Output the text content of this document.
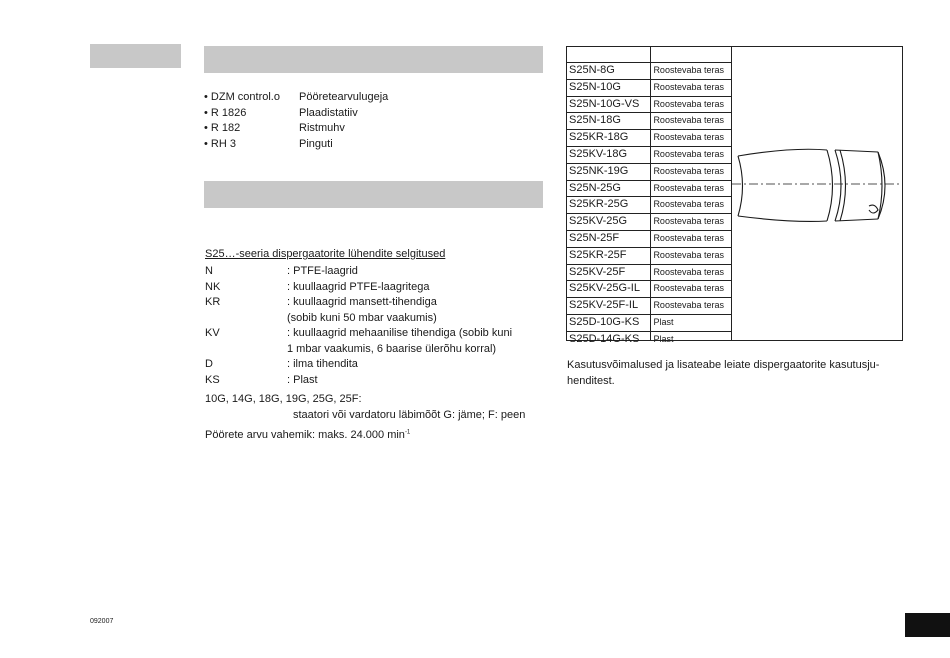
• DZM control.o	Pööretearvulugeja
• R 1826	Plaadistatiiv
• R 182	Ristmuhv
• RH 3	Pinguti
S25…-seeria dispergaatorite lühendite selgitused
N	: PTFE-laagrid
NK	: kuullaagrid PTFE-laagritega
KR	: kuullaagrid mansett-tihendiga
(sobib kuni 50 mbar vaakumis)
KV	: kuullaagrid mehaanilise tihendiga (sobib kuni
1 mbar vaakumis, 6 baarise ülerõhu korral)
D	: ilma tihendita
KS	: Plast
10G, 14G, 18G, 19G, 25G, 25F:
staatori või vardatoru läbimõõt G: jäme; F: peen
Pöörete arvu vahemik: maks. 24.000 $\min^{-1}$
S25N-8G	Roostevaba teras
S25N-10G	Roostevaba teras
S25N-10G-VS	Roostevaba teras
S25N-18G	Roostevaba teras
S25KR-18G	Roostevaba teras
S25KV-18G	Roostevaba teras
S25NK-19G	Roostevaba teras
S25N-25G	Roostevaba teras
S25KR-25G	Roostevaba teras
S25KV-25G	Roostevaba teras
S25N-25F	Roostevaba teras
S25KR-25F	Roostevaba teras
S25KV-25F	Roostevaba teras
S25KV-25G-IL	Roostevaba teras
S25KV-25F-IL	Roostevaba teras
S25D-10G-KS	Plast
S25D-14G-KS	Plast
Kasutusvõimalused ja lisateabe leiate dispergaatorite kasutusju-
henditest.
092007
